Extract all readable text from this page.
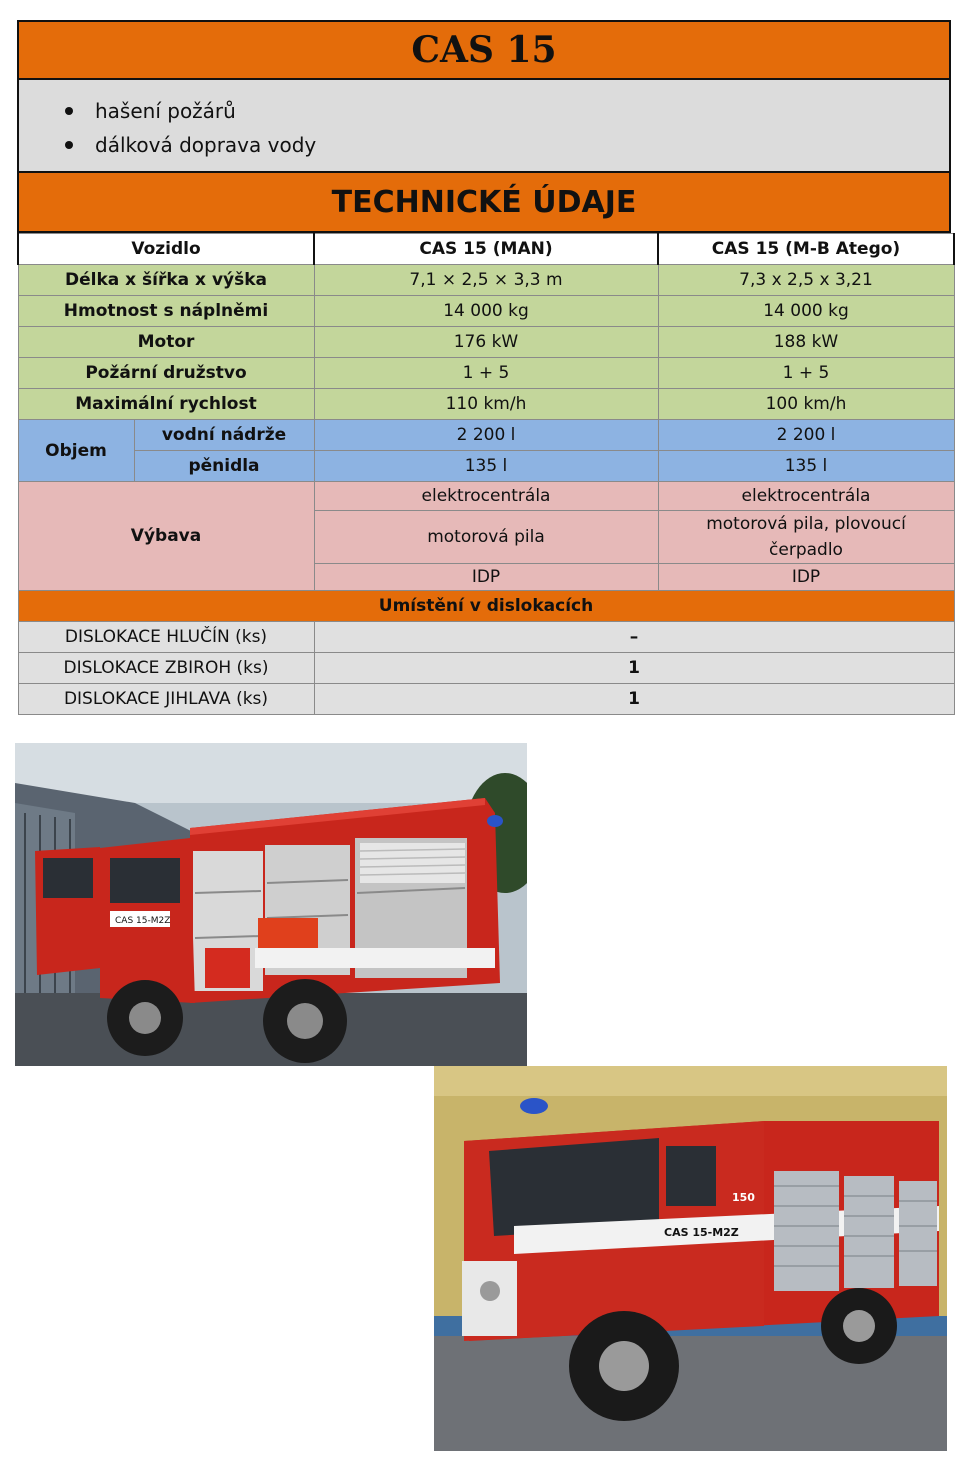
CAS 15
hašení požárů
dálková doprava vody
TECHNICKÉ ÚDAJE
Vozidlo		CAS 15 (MAN)	CAS 15 (M-B Atego)
Délka x šířka x výška		7,1 × 2,5 × 3,3 m	7,3 x 2,5 x 3,21
Hmotnost s náplněmi		14 000 kg	14 000 kg
Motor		176 kW	188 kW
Požární družstvo		1 + 5	1 + 5
Maximální rychlost		110 km/h	100 km/h
Objem	vodní nádrže	2 200 l	2 200 l
	pěnidla	135 l	135 l
Výbava		elektrocentrála	elektrocentrála
		motorová pila	motorová pila, plovoucí čerpadlo
		IDP	IDP
Umístění v dislokacích			
DISLOKACE HLUČÍN (ks)		–	
DISLOKACE ZBIROH (ks)		1	
DISLOKACE JIHLAVA (ks)		1	
CAS 15-M2Z
CAS 15-M2Z
150
